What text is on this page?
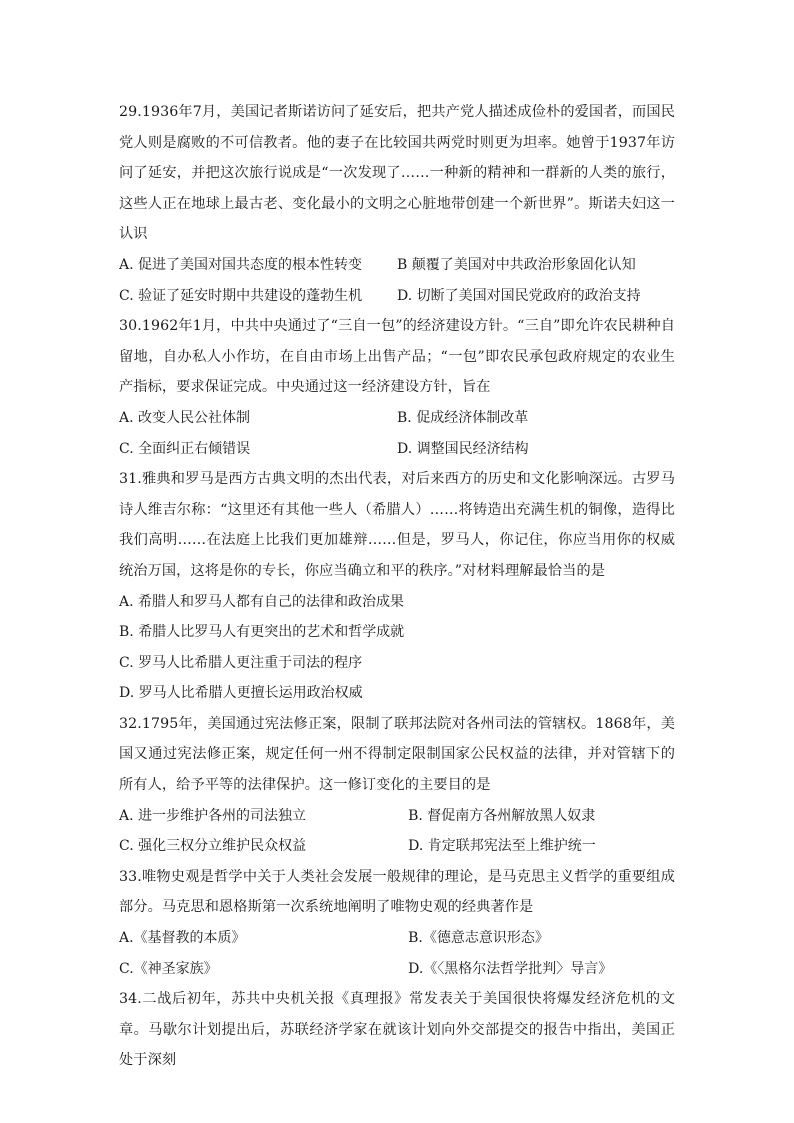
29.1936年7月，美国记者斯诺访问了延安后，把共产党人描述成俭朴的爱国者，而国民党人则是腐败的不可信教者。他的妻子在比较国共两党时则更为坦率。她曾于1937年访问了延安，并把这次旅行说成是“一次发现了……一种新的精神和一群新的人类的旅行，这些人正在地球上最古老、变化最小的文明之心脏地带创建一个新世界”。斯诺夫妇这一认识

A. 促进了美国对国共态度的根本性转变	B 颠覆了美国对中共政治形象固化认知
C. 验证了延安时期中共建设的蓬勃生机	D. 切断了美国对国民党政府的政治支持

30.1962年1月，中共中央通过了“三自一包”的经济建设方针。“三自”即允许农民耕种自留地，自办私人小作坊，在自由市场上出售产品；“一包”即农民承包政府规定的农业生产指标，要求保证完成。中央通过这一经济建设方针，旨在

A. 改变人民公社体制	B. 促成经济体制改革
C. 全面纠正右倾错误	D. 调整国民经济结构

31.雅典和罗马是西方古典文明的杰出代表，对后来西方的历史和文化影响深远。古罗马诗人维吉尔称：“这里还有其他一些人（希腊人）……将铸造出充满生机的铜像，造得比我们高明……在法庭上比我们更加雄辩……但是，罗马人，你记住，你应当用你的权威统治万国，这将是你的专长，你应当确立和平的秩序。”对材料理解最恰当的是

A. 希腊人和罗马人都有自己的法律和政治成果
B. 希腊人比罗马人有更突出的艺术和哲学成就
C. 罗马人比希腊人更注重于司法的程序
D. 罗马人比希腊人更擅长运用政治权威

32.1795年，美国通过宪法修正案，限制了联邦法院对各州司法的管辖权。1868年，美国又通过宪法修正案，规定任何一州不得制定限制国家公民权益的法律，并对管辖下的所有人，给予平等的法律保护。这一修订变化的主要目的是

A. 进一步维护各州的司法独立	B. 督促南方各州解放黑人奴隶
C. 强化三权分立维护民众权益	D. 肯定联邦宪法至上维护统一

33.唯物史观是哲学中关于人类社会发展一般规律的理论，是马克思主义哲学的重要组成部分。马克思和恩格斯第一次系统地阐明了唯物史观的经典著作是

A.《基督教的本质》	B.《德意志意识形态》
C.《神圣家族》	D.《〈黑格尔法哲学批判〉导言》

34.二战后初年，苏共中央机关报《真理报》常发表关于美国很快将爆发经济危机的文章。马歇尔计划提出后，苏联经济学家在就该计划向外交部提交的报告中指出，美国正处于深刻
